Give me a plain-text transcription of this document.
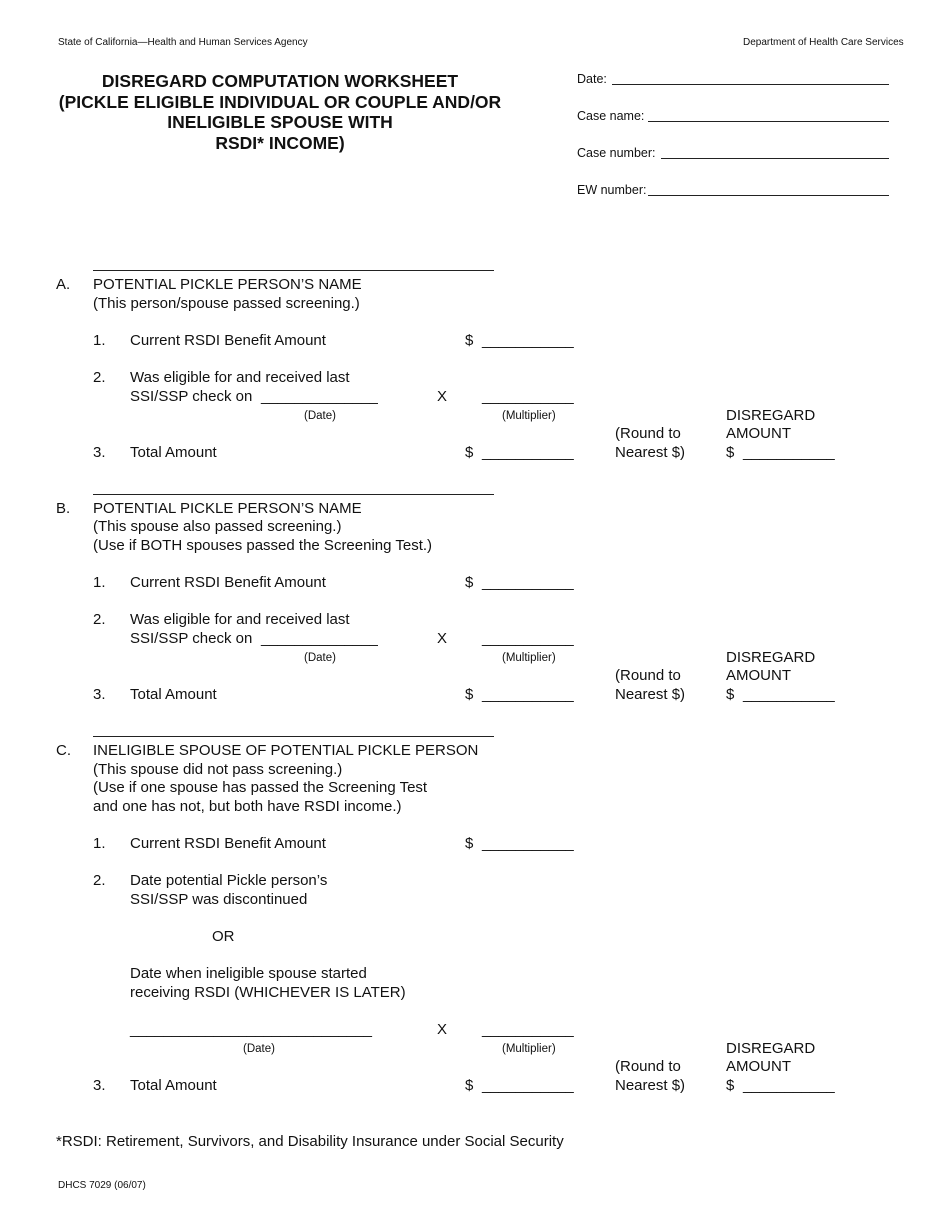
State of California—Health and Human Services Agency	Department of Health Care Services
DISREGARD COMPUTATION WORKSHEET
(PICKLE ELIGIBLE INDIVIDUAL OR COUPLE AND/OR
INELIGIBLE SPOUSE WITH
RSDI* INCOME)
Date:
Case name:
Case number:
EW number:
A. POTENTIAL PICKLE PERSON’S NAME
(This person/spouse passed screening.)
1. Current RSDI Benefit Amount	$ ___________
2. Was eligible for and received last
SSI/SSP check on ______________	X ___________
(Date)	(Multiplier)	DISREGARD
(Round to	AMOUNT
3. Total Amount	$ ___________	Nearest $)	$ ___________
B. POTENTIAL PICKLE PERSON’S NAME
(This spouse also passed screening.)
(Use if BOTH spouses passed the Screening Test.)
1. Current RSDI Benefit Amount	$ ___________
2. Was eligible for and received last
SSI/SSP check on ______________	X ___________
(Date)	(Multiplier)	DISREGARD
(Round to	AMOUNT
3. Total Amount	$ ___________	Nearest $)	$ ___________
C. INELIGIBLE SPOUSE OF POTENTIAL PICKLE PERSON
(This spouse did not pass screening.)
(Use if one spouse has passed the Screening Test
and one has not, but both have RSDI income.)
1. Current RSDI Benefit Amount	$ ___________
2. Date potential Pickle person’s
SSI/SSP was discontinued
OR
Date when ineligible spouse started
receiving RSDI (WHICHEVER IS LATER)
_____________________________	X ___________
(Date)	(Multiplier)	DISREGARD
(Round to	AMOUNT
3. Total Amount	$ ___________	Nearest $)	$ ___________
*RSDI: Retirement, Survivors, and Disability Insurance under Social Security
DHCS 7029 (06/07)
